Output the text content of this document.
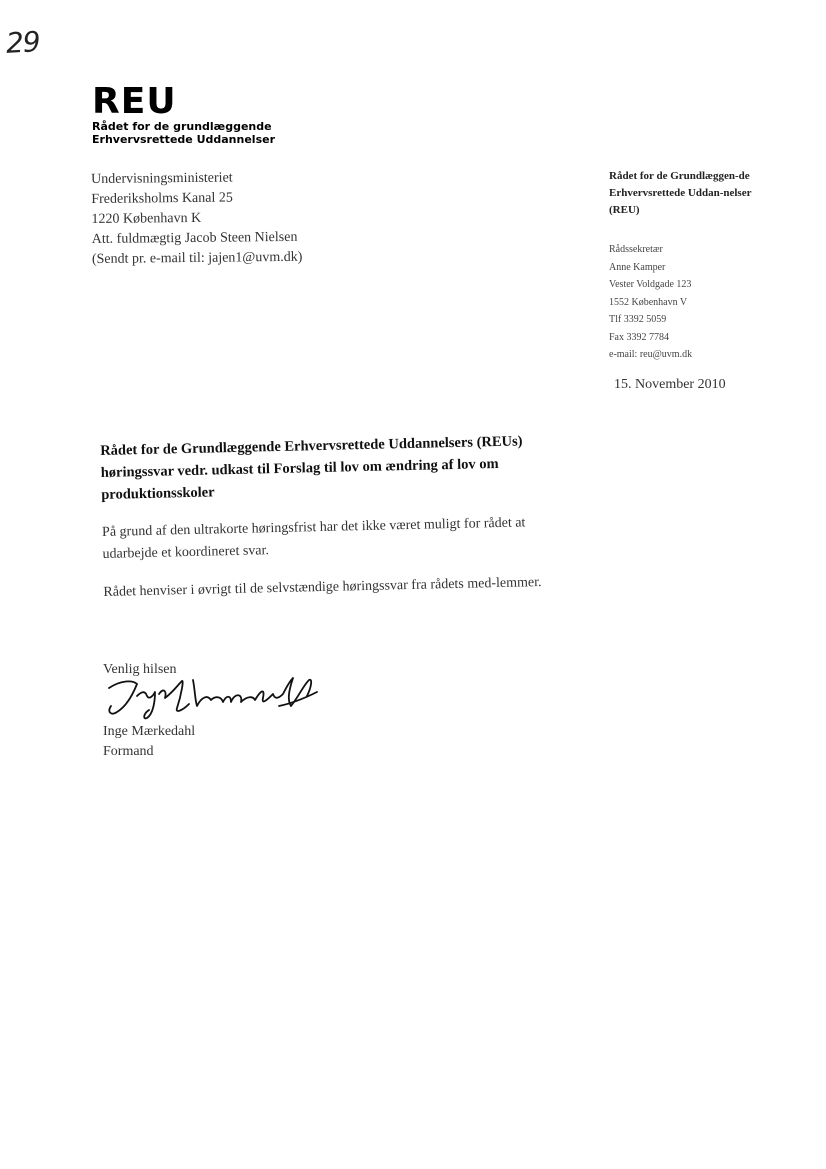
29
REU
Rådet for de grundlæggende
Erhvervsrettede Uddannelser
Undervisningsministeriet
Frederiksholms Kanal 25
1220 København K
Att. fuldmægtig Jacob Steen Nielsen
(Sendt pr. e-mail til: jajen1@uvm.dk)
Rådet for de Grundlæggen-de Erhvervsrettede Uddan-nelser (REU)
Rådssekretær
Anne Kamper
Vester Voldgade 123
1552 København V
Tlf 3392 5059
Fax 3392 7784
e-mail: reu@uvm.dk
15. November 2010

Rådet for de Grundlæggende Erhvervsrettede Uddannelsers (REUs) høringssvar vedr. udkast til Forslag til lov om ændring af lov om produktionsskoler

På grund af den ultrakorte høringsfrist har det ikke været muligt for rådet at udarbejde et koordineret svar.

Rådet henviser i øvrigt til de selvstændige høringssvar fra rådets med-lemmer.

Venlig hilsen
Inge Mærkedahl
Formand
